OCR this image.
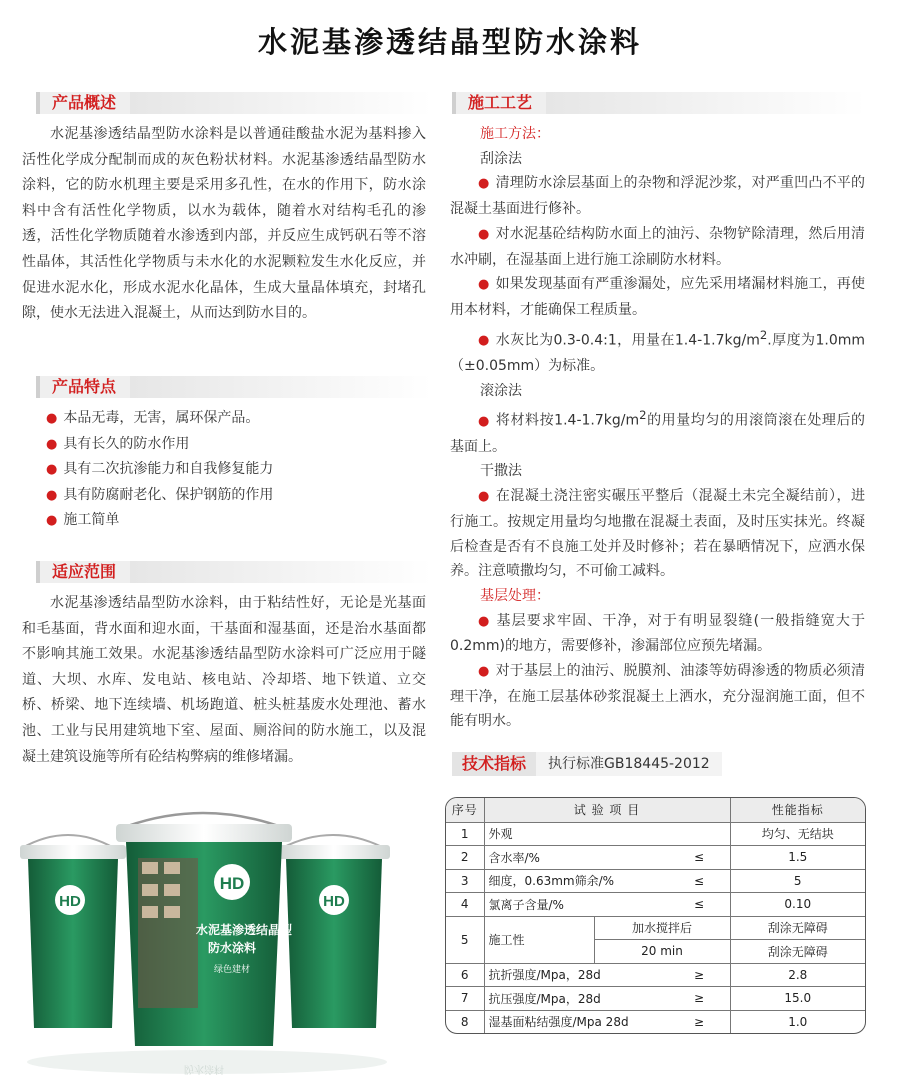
水泥基渗透结晶型防水涂料
产品概述

水泥基渗透结晶型防水涂料是以普通硅酸盐水泥为基料掺入活性化学成分配制而成的灰色粉状材料。水泥基渗透结晶型防水涂料，它的防水机理主要是采用多孔性，在水的作用下，防水涂料中含有活性化学物质，以水为载体，随着水对结构毛孔的渗透，活性化学物质随着水渗透到内部，并反应生成钙矾石等不溶性晶体，其活性化学物质与未水化的水泥颗粒发生水化反应，并促进水泥水化，形成水泥水化晶体，生成大量晶体填充，封堵孔隙，使水无法进入混凝土，从而达到防水目的。

产品特点
● 本品无毒，无害，属环保产品。
● 具有长久的防水作用
● 具有二次抗渗能力和自我修复能力
● 具有防腐耐老化、保护钢筋的作用
● 施工简单
适应范围

水泥基渗透结晶型防水涂料，由于粘结性好，无论是光基面和毛基面，背水面和迎水面，干基面和湿基面，还是治水基面都不影响其施工效果。水泥基渗透结晶型防水涂料可广泛应用于隧道、大坝、水库、发电站、核电站、冷却塔、地下铁道、立交桥、桥梁、地下连续墙、机场跑道、桩头桩基废水处理池、蓄水池、工业与民用建筑地下室、屋面、厕浴间的防水施工，以及混凝土建筑设施等所有砼结构弊病的维修堵漏。

施工工艺

施工方法：

刮涂法

● 清理防水涂层基面上的杂物和浮泥沙浆，对严重凹凸不平的混凝土基面进行修补。

● 对水泥基砼结构防水面上的油污、杂物铲除清理，然后用清水冲刷，在湿基面上进行施工涂刷防水材料。

● 如果发现基面有严重渗漏处，应先采用堵漏材料施工，再使用本材料，才能确保工程质量。

● 水灰比为0.3-0.4:1，用量在$1.4-1.7kg/m^2$.厚度为1.0mm（±0.05mm）为标准。

滚涂法

● 将材料按$1.4-1.7kg/m^2$的用量均匀的用滚筒滚在处理后的基面上。

干撒法

● 在混凝土浇注密实碾压平整后（混凝土未完全凝结前），进行施工。按规定用量均匀地撒在混凝土表面，及时压实抹光。终凝后检查是否有不良施工处并及时修补；若在暴晒情况下，应洒水保养。注意喷撒均匀，不可偷工减料。

基层处理：

● 基层要求牢固、干净，对于有明显裂缝(一般指缝宽大于0.2mm)的地方，需要修补，渗漏部位应预先堵漏。

● 对于基层上的油污、脱膜剂、油漆等妨碍渗透的物质必须清理干净，在施工层基体砂浆混凝土上洒水，充分湿润施工面，但不能有明水。

技术指标	执行标准GB18445-2012
序号	试 验 项 目			性能指标
1	外观			均匀、无结块
2	含水率/%		≤	1.5
3	细度，0.63mm筛余/%		≤	5
4	氯离子含量/%		≤	0.10
5	施工性	加水搅拌后		刮涂无障碍
		20 min		刮涂无障碍
6	抗折强度/Mpa，28d		≥	2.8
7	抗压强度/Mpa，28d		≥	15.0
8	湿基面粘结强度/Mpa 28d		≥	1.0
HD	HD
HD
水泥基渗透结晶型
防水涂料
绿色建材
防水涂料
